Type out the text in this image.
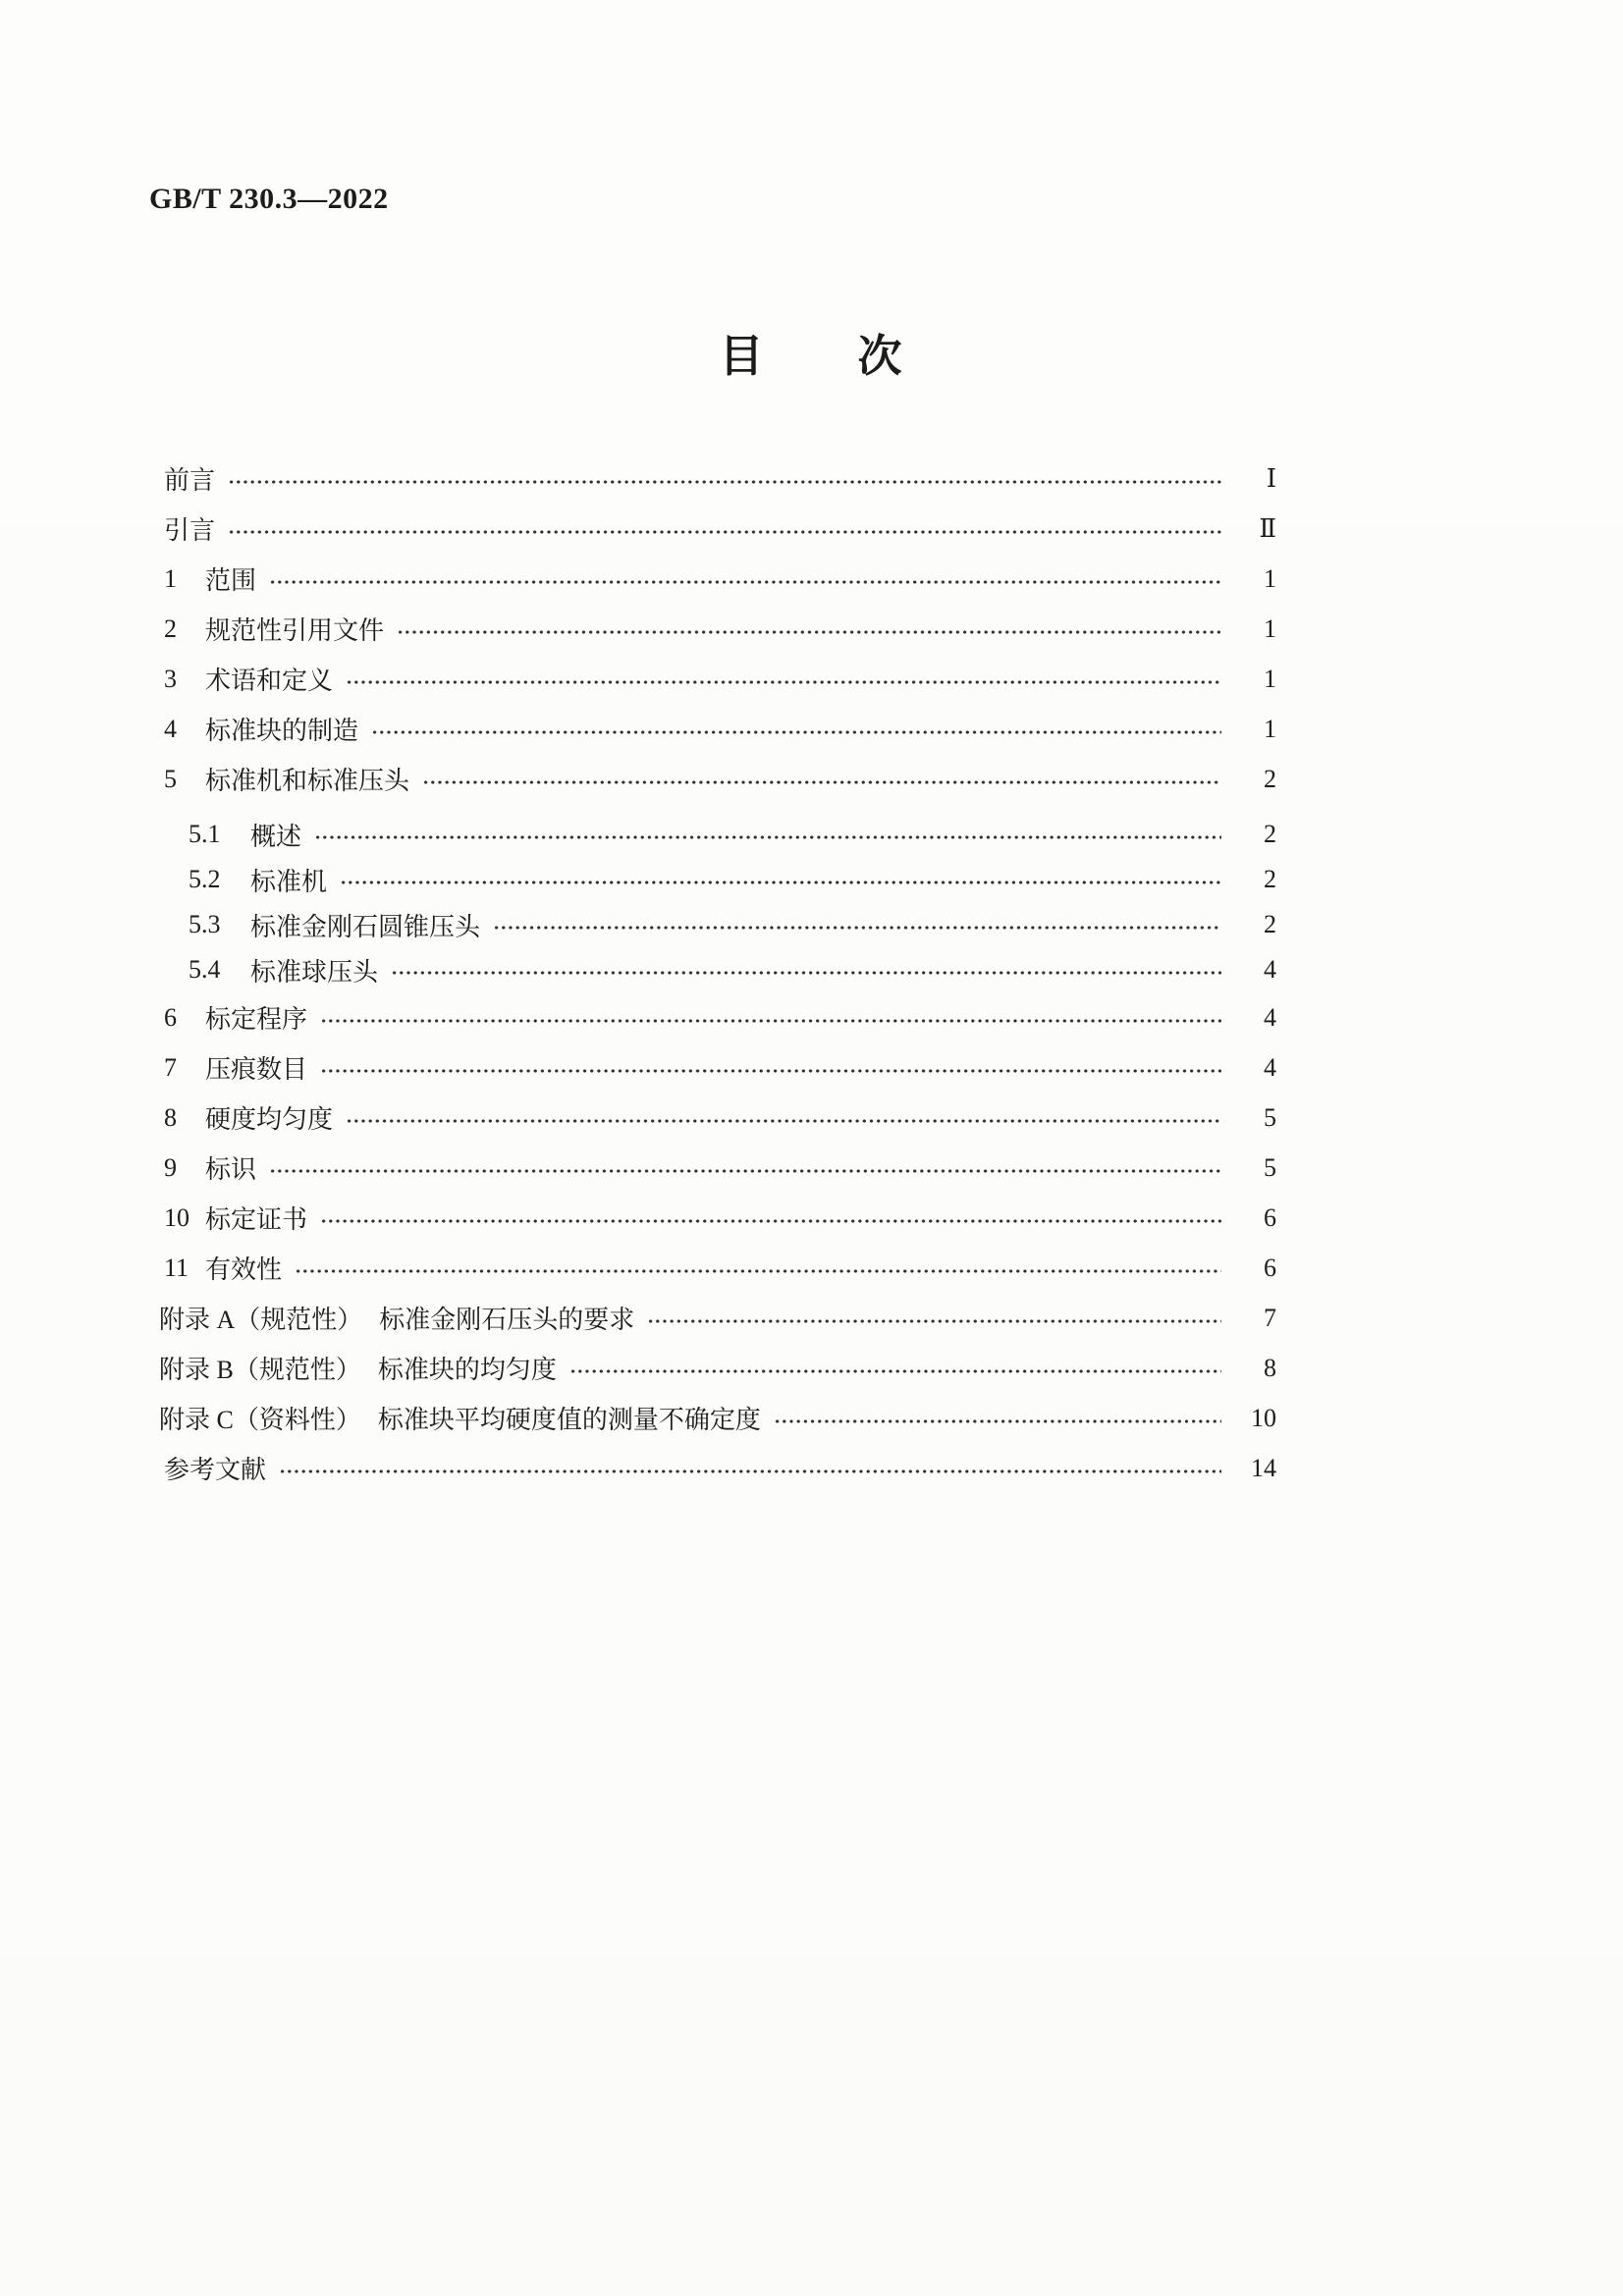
GB/T 230.3—2022
目　　次
前言	Ⅰ
引言	Ⅱ
1	范围	1
2	规范性引用文件	1
3	术语和定义	1
4	标准块的制造	1
5	标准机和标准压头	2
5.1	概述	2
5.2	标准机	2
5.3	标准金刚石圆锥压头	2
5.4	标准球压头	4
6	标定程序	4
7	压痕数目	4
8	硬度均匀度	5
9	标识	5
10 标定证书	6
11 有效性	6
附录 A（规范性） 标准金刚石压头的要求	7
附录 B（规范性） 标准块的均匀度	8
附录 C（资料性） 标准块平均硬度值的测量不确定度	10
参考文献	14
